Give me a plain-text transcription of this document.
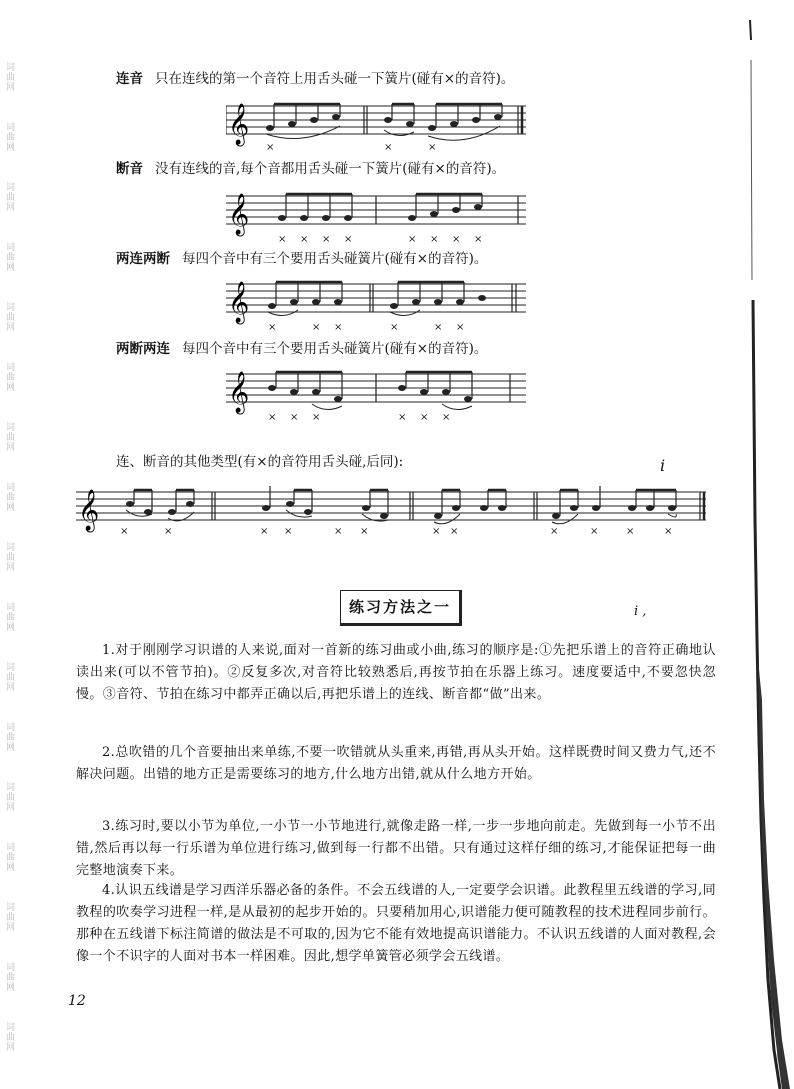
词曲网
词曲网
词曲网
词曲网
词曲网
词曲网
词曲网
词曲网
词曲网
词曲网
词曲网
词曲网
词曲网
词曲网
词曲网
词曲网
词曲网
连音 只在连线的第一个音符上用舌头碰一下簧片(碰有×的音符)。
𝄞
×	×	×
断音 没有连线的音,每个音都用舌头碰一下簧片(碰有×的音符)。
𝄞
× × × ×	× × × ×
两连两断 每四个音中有三个要用舌头碰簧片(碰有×的音符)。
𝄞
×	× ×	×	× ×
两断两连 每四个音中有三个要用舌头碰簧片(碰有×的音符)。
𝄞
× × ×	× × ×
连、断音的其他类型(有×的音符用舌头碰,后同):	i
𝄞
×	×	× ×	× ×	× ×	×	×	×	×
练习方法之一	i ,

1.对于刚刚学习识谱的人来说,面对一首新的练习曲或小曲,练习的顺序是:①先把乐谱上的音符正确地认读出来(可以不管节拍)。②反复多次,对音符比较熟悉后,再按节拍在乐器上练习。速度要适中,不要忽快忽慢。③音符、节拍在练习中都弄正确以后,再把乐谱上的连线、断音都“做”出来。

2.总吹错的几个音要抽出来单练,不要一吹错就从头重来,再错,再从头开始。这样既费时间又费力气,还不解决问题。出错的地方正是需要练习的地方,什么地方出错,就从什么地方开始。

3.练习时,要以小节为单位,一小节一小节地进行,就像走路一样,一步一步地向前走。先做到每一小节不出错,然后再以每一行乐谱为单位进行练习,做到每一行都不出错。只有通过这样仔细的练习,才能保证把每一曲完整地演奏下来。

4.认识五线谱是学习西洋乐器必备的条件。不会五线谱的人,一定要学会识谱。此教程里五线谱的学习,同教程的吹奏学习进程一样,是从最初的起步开始的。只要稍加用心,识谱能力便可随教程的技术进程同步前行。那种在五线谱下标注简谱的做法是不可取的,因为它不能有效地提高识谱能力。不认识五线谱的人面对教程,会像一个不识字的人面对书本一样困难。因此,想学单簧管必须学会五线谱。

12
